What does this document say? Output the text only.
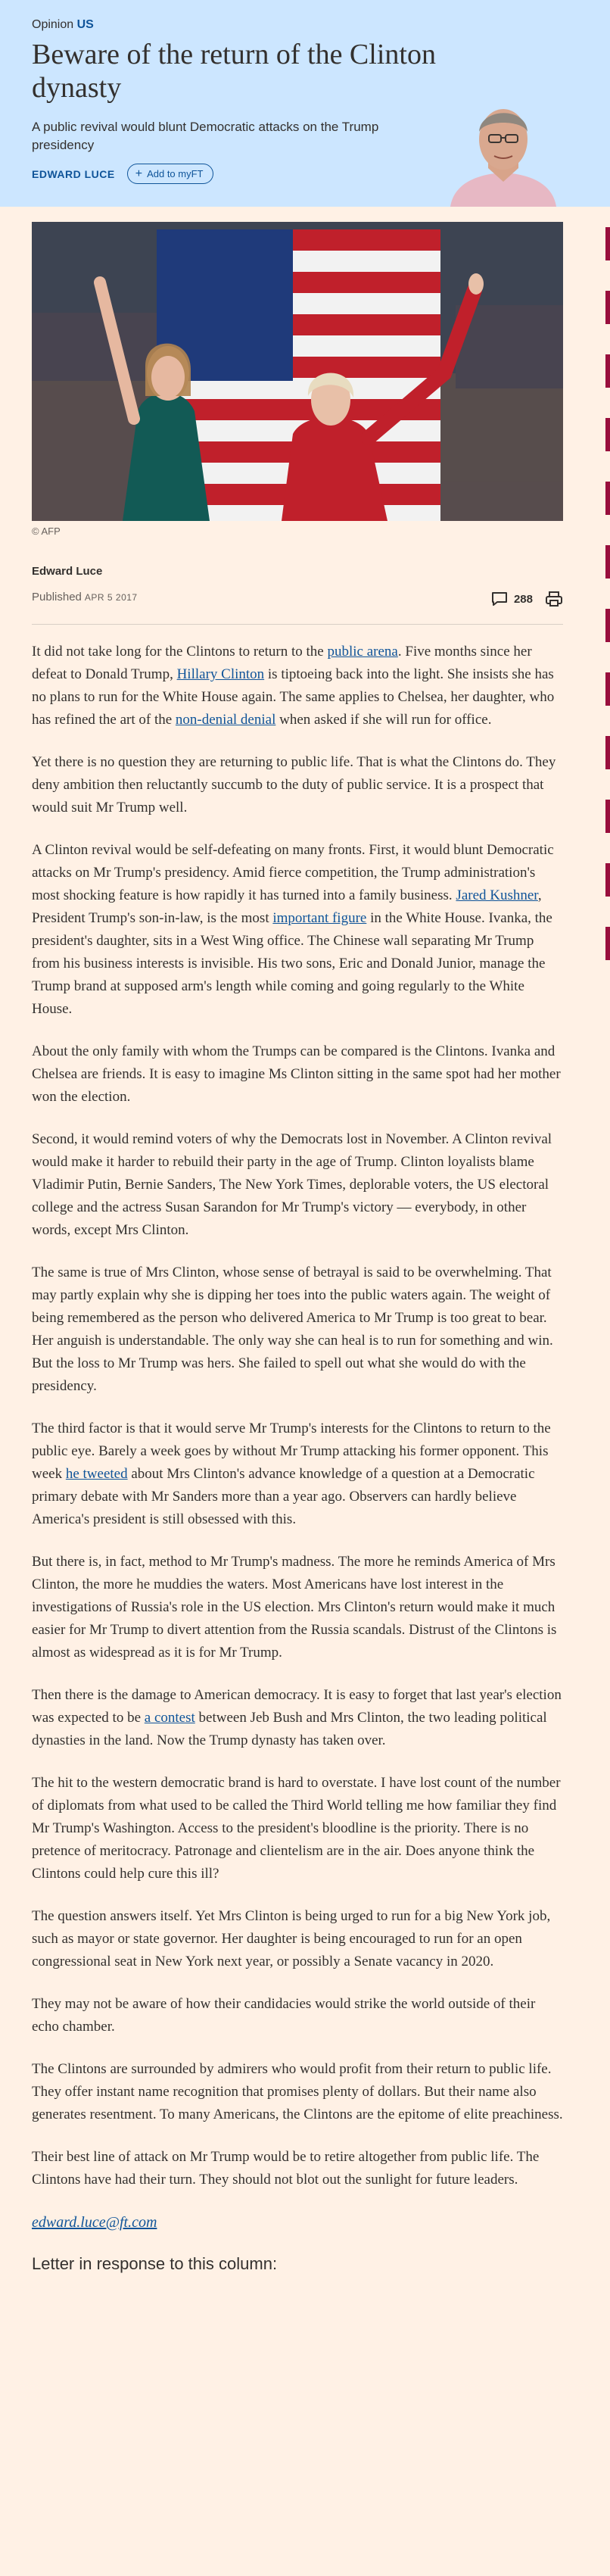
Opinion US

Beware of the return of the Clinton dynasty

A public revival would blunt Democratic attacks on the Trump presidency

EDWARD LUCE + Add to myFT
© AFP
Edward Luce
Published APR 5 2017	288

It did not take long for the Clintons to return to the public arena. Five months since her defeat to Donald Trump, Hillary Clinton is tiptoeing back into the light. She insists she has no plans to run for the White House again. The same applies to Chelsea, her daughter, who has refined the art of the non-denial denial when asked if she will run for office.

Yet there is no question they are returning to public life. That is what the Clintons do. They deny ambition then reluctantly succumb to the duty of public service. It is a prospect that would suit Mr Trump well.

A Clinton revival would be self-defeating on many fronts. First, it would blunt Democratic attacks on Mr Trump's presidency. Amid fierce competition, the Trump administration's most shocking feature is how rapidly it has turned into a family business. Jared Kushner, President Trump's son-in-law, is the most important figure in the White House. Ivanka, the president's daughter, sits in a West Wing office. The Chinese wall separating Mr Trump from his business interests is invisible. His two sons, Eric and Donald Junior, manage the Trump brand at supposed arm's length while coming and going regularly to the White House.

About the only family with whom the Trumps can be compared is the Clintons. Ivanka and Chelsea are friends. It is easy to imagine Ms Clinton sitting in the same spot had her mother won the election.

Second, it would remind voters of why the Democrats lost in November. A Clinton revival would make it harder to rebuild their party in the age of Trump. Clinton loyalists blame Vladimir Putin, Bernie Sanders, The New York Times, deplorable voters, the US electoral college and the actress Susan Sarandon for Mr Trump's victory — everybody, in other words, except Mrs Clinton.

The same is true of Mrs Clinton, whose sense of betrayal is said to be overwhelming. That may partly explain why she is dipping her toes into the public waters again. The weight of being remembered as the person who delivered America to Mr Trump is too great to bear. Her anguish is understandable. The only way she can heal is to run for something and win. But the loss to Mr Trump was hers. She failed to spell out what she would do with the presidency.

The third factor is that it would serve Mr Trump's interests for the Clintons to return to the public eye. Barely a week goes by without Mr Trump attacking his former opponent. This week he tweeted about Mrs Clinton's advance knowledge of a question at a Democratic primary debate with Mr Sanders more than a year ago. Observers can hardly believe America's president is still obsessed with this.

But there is, in fact, method to Mr Trump's madness. The more he reminds America of Mrs Clinton, the more he muddies the waters. Most Americans have lost interest in the investigations of Russia's role in the US election. Mrs Clinton's return would make it much easier for Mr Trump to divert attention from the Russia scandals. Distrust of the Clintons is almost as widespread as it is for Mr Trump.

Then there is the damage to American democracy. It is easy to forget that last year's election was expected to be a contest between Jeb Bush and Mrs Clinton, the two leading political dynasties in the land. Now the Trump dynasty has taken over.

The hit to the western democratic brand is hard to overstate. I have lost count of the number of diplomats from what used to be called the Third World telling me how familiar they find Mr Trump's Washington. Access to the president's bloodline is the priority. There is no pretence of meritocracy. Patronage and clientelism are in the air. Does anyone think the Clintons could help cure this ill?

The question answers itself. Yet Mrs Clinton is being urged to run for a big New York job, such as mayor or state governor. Her daughter is being encouraged to run for an open congressional seat in New York next year, or possibly a Senate vacancy in 2020.

They may not be aware of how their candidacies would strike the world outside of their echo chamber.

The Clintons are surrounded by admirers who would profit from their return to public life. They offer instant name recognition that promises plenty of dollars. But their name also generates resentment. To many Americans, the Clintons are the epitome of elite preachiness.

Their best line of attack on Mr Trump would be to retire altogether from public life. The Clintons have had their turn. They should not blot out the sunlight for future leaders.

edward.luce@ft.com

Letter in response to this column:
